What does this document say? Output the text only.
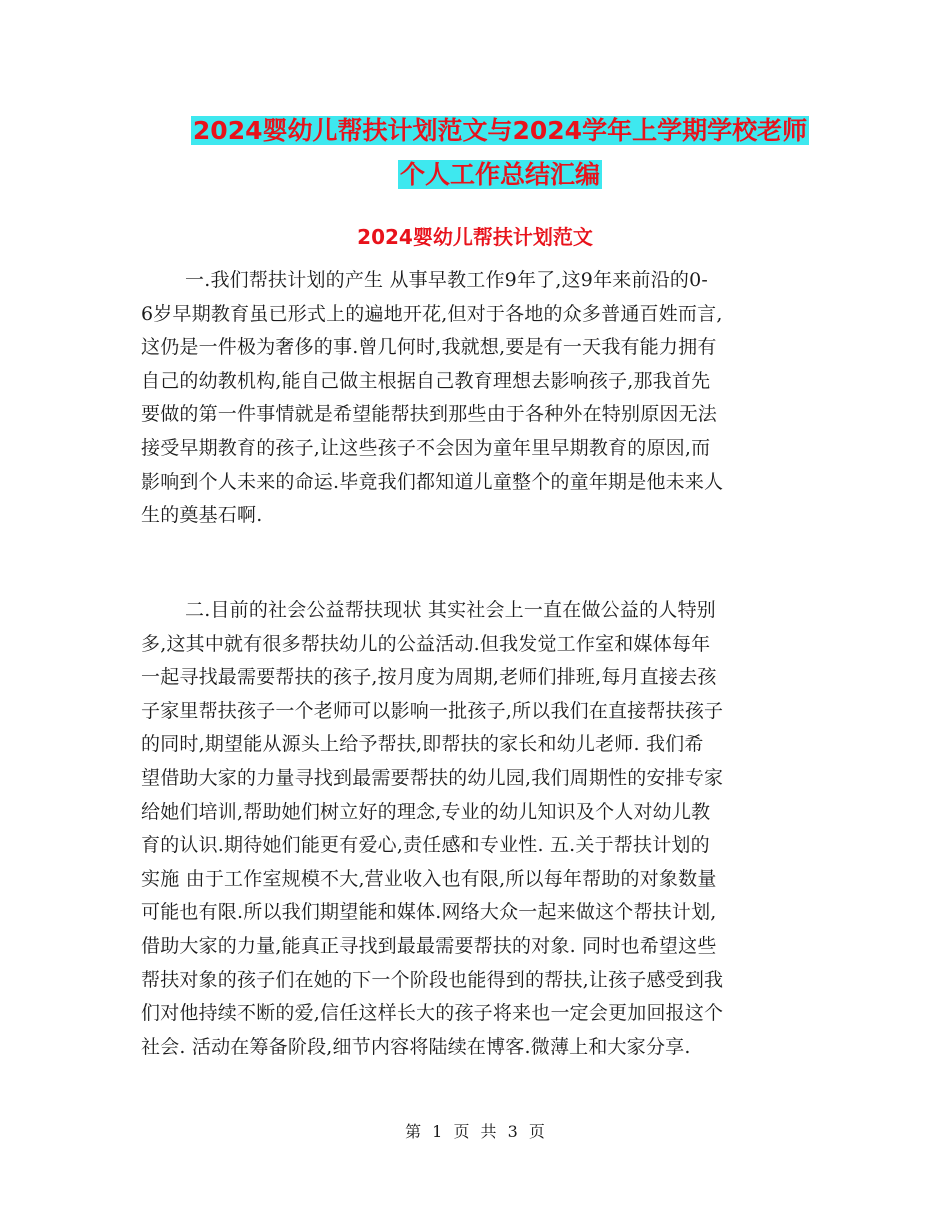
2024婴幼儿帮扶计划范文与2024学年上学期学校老师
个人工作总结汇编
2024婴幼儿帮扶计划范文
一.我们帮扶计划的产生 从事早教工作9年了,这9年来前沿的0-
6岁早期教育虽已形式上的遍地开花,但对于各地的众多普通百姓而言,
这仍是一件极为奢侈的事.曾几何时,我就想,要是有一天我有能力拥有
自己的幼教机构,能自己做主根据自己教育理想去影响孩子,那我首先
要做的第一件事情就是希望能帮扶到那些由于各种外在特别原因无法
接受早期教育的孩子,让这些孩子不会因为童年里早期教育的原因,而
影响到个人未来的命运.毕竟我们都知道儿童整个的童年期是他未来人
生的奠基石啊.
二.目前的社会公益帮扶现状 其实社会上一直在做公益的人特别
多,这其中就有很多帮扶幼儿的公益活动.但我发觉工作室和媒体每年
一起寻找最需要帮扶的孩子,按月度为周期,老师们排班,每月直接去孩
子家里帮扶孩子一个老师可以影响一批孩子,所以我们在直接帮扶孩子
的同时,期望能从源头上给予帮扶,即帮扶的家长和幼儿老师. 我们希
望借助大家的力量寻找到最需要帮扶的幼儿园,我们周期性的安排专家
给她们培训,帮助她们树立好的理念,专业的幼儿知识及个人对幼儿教
育的认识.期待她们能更有爱心,责任感和专业性. 五.关于帮扶计划的
实施 由于工作室规模不大,营业收入也有限,所以每年帮助的对象数量
可能也有限.所以我们期望能和媒体.网络大众一起来做这个帮扶计划,
借助大家的力量,能真正寻找到最最需要帮扶的对象. 同时也希望这些
帮扶对象的孩子们在她的下一个阶段也能得到的帮扶,让孩子感受到我
们对他持续不断的爱,信任这样长大的孩子将来也一定会更加回报这个
社会. 活动在筹备阶段,细节内容将陆续在博客.微薄上和大家分享.
第 1 页 共 3 页
